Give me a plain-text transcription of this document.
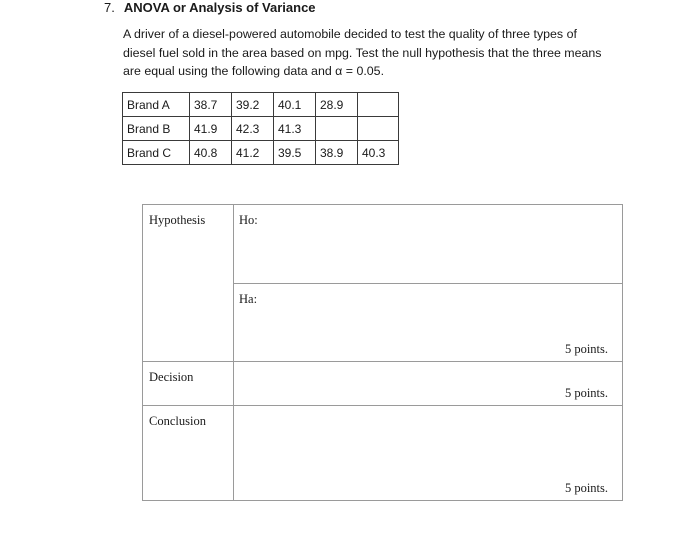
7. ANOVA or Analysis of Variance
A driver of a diesel-powered automobile decided to test the quality of three types of
diesel fuel sold in the area based on mpg. Test the null hypothesis that the three means
are equal using the following data and α = 0.05.
Brand A	38.7	39.2	40.1	28.9	
Brand B	41.9	42.3	41.3		
Brand C	40.8	41.2	39.5	38.9	40.3
Hypothesis	Ho:

	Ha:
5 points.

Decision	5 points.

Conclusion	5 points.
